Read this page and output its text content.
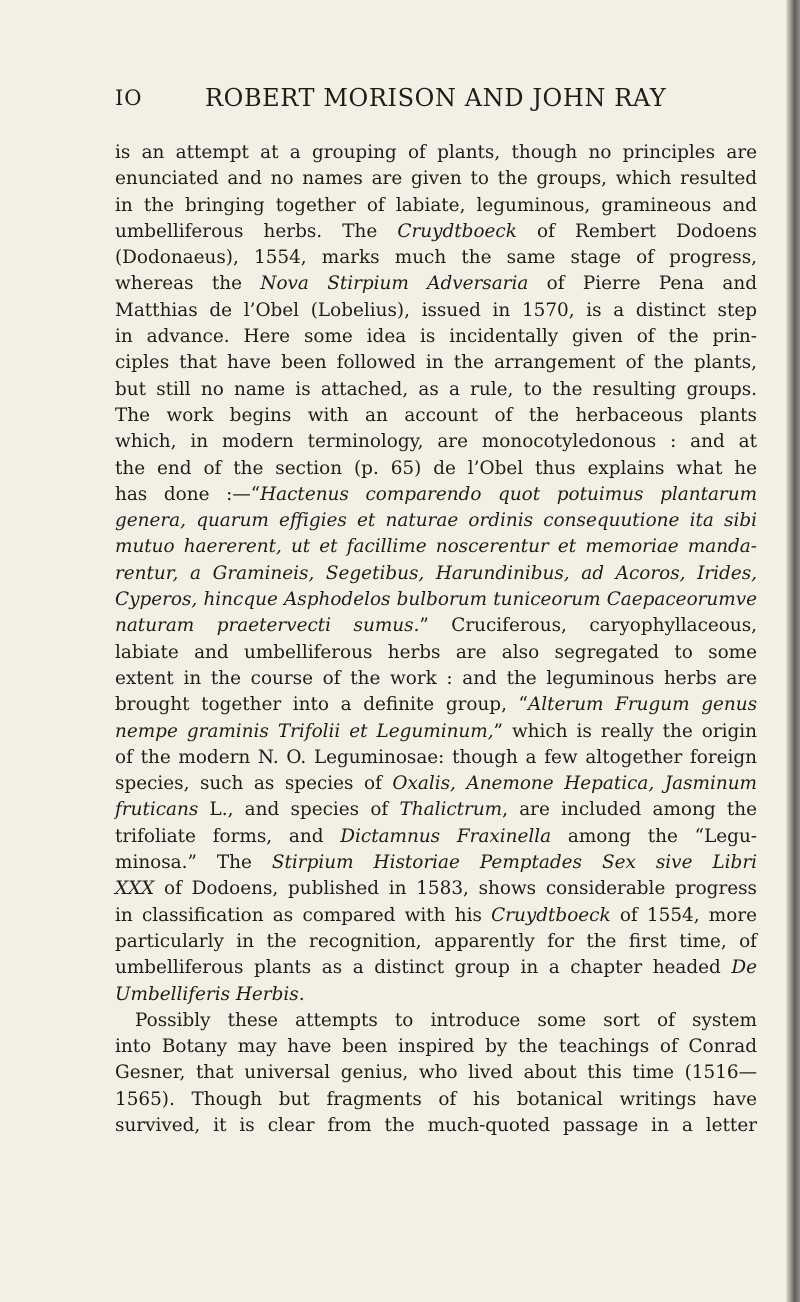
IO	ROBERT MORISON AND JOHN RAY
is an attempt at a grouping of plants, though no principles are
enunciated and no names are given to the groups, which resulted
in the bringing together of labiate, leguminous, gramineous and
umbelliferous herbs. The Cruydtboeck of Rembert Dodoens
(Dodonaeus), 1554, marks much the same stage of progress,
whereas the Nova Stirpium Adversaria of Pierre Pena and
Matthias de l’Obel (Lobelius), issued in 1570, is a distinct step
in advance. Here some idea is incidentally given of the prin-
ciples that have been followed in the arrangement of the plants,
but still no name is attached, as a rule, to the resulting groups.
The work begins with an account of the herbaceous plants
which, in modern terminology, are monocotyledonous : and at
the end of the section (p. 65) de l’Obel thus explains what he
has done :—“Hactenus comparendo quot potuimus plantarum
genera, quarum effigies et naturae ordinis consequutione ita sibi
mutuo haererent, ut et facillime noscerentur et memoriae manda-
rentur, a Gramineis, Segetibus, Harundinibus, ad Acoros, Irides,
Cyperos, hincque Asphodelos bulborum tuniceorum Caepaceorumve
naturam praetervecti sumus.” Cruciferous, caryophyllaceous,
labiate and umbelliferous herbs are also segregated to some
extent in the course of the work : and the leguminous herbs are
brought together into a definite group, “Alterum Frugum genus
nempe graminis Trifolii et Leguminum,” which is really the origin
of the modern N. O. Leguminosae: though a few altogether foreign
species, such as species of Oxalis, Anemone Hepatica, Jasminum
fruticans L., and species of Thalictrum, are included among the
trifoliate forms, and Dictamnus Fraxinella among the “Legu-
minosa.” The Stirpium Historiae Pemptades Sex sive Libri
XXX of Dodoens, published in 1583, shows considerable progress
in classification as compared with his Cruydtboeck of 1554, more
particularly in the recognition, apparently for the first time, of
umbelliferous plants as a distinct group in a chapter headed De
Umbelliferis Herbis.
Possibly these attempts to introduce some sort of system
into Botany may have been inspired by the teachings of Conrad
Gesner, that universal genius, who lived about this time (1516—
1565). Though but fragments of his botanical writings have
survived, it is clear from the much-quoted passage in a letter
